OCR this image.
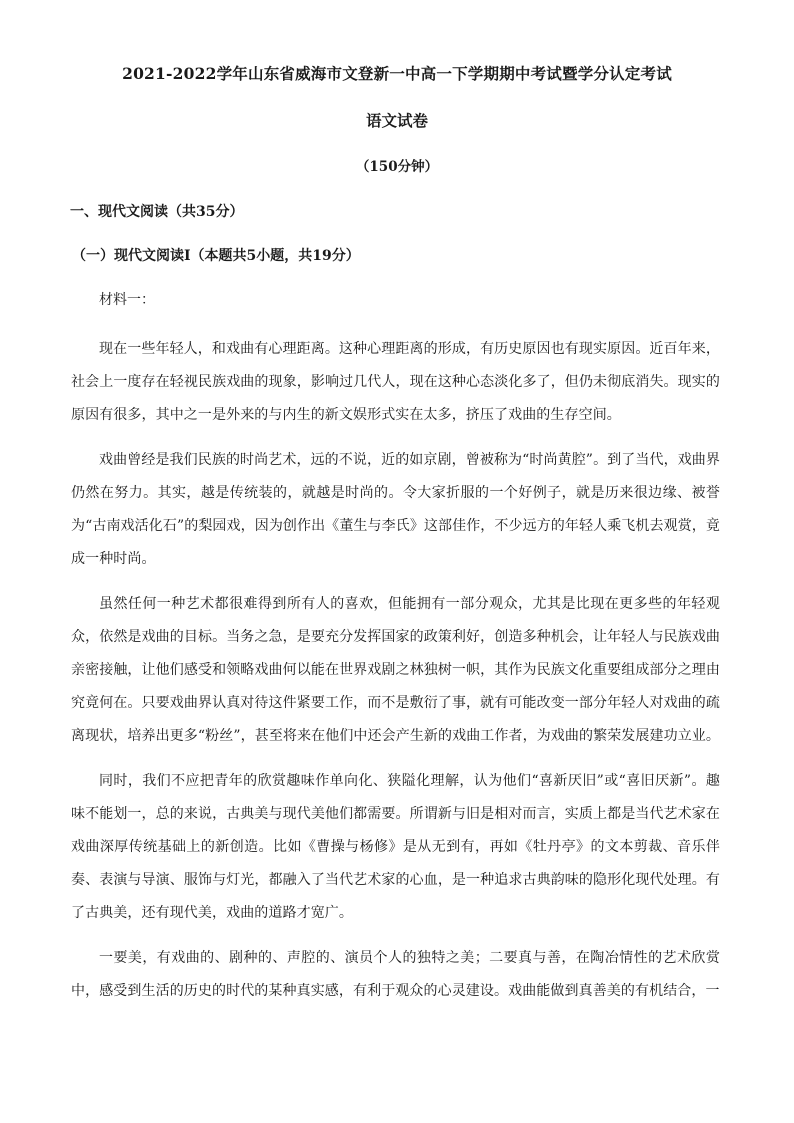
2021-2022学年山东省威海市文登新一中高一下学期期中考试暨学分认定考试
语文试卷
（150分钟）
一、现代文阅读（共35分）
（一）现代文阅读Ⅰ（本题共5小题，共19分）
材料一：

现在一些年轻人，和戏曲有心理距离。这种心理距离的形成，有历史原因也有现实原因。近百年来，社会上一度存在轻视民族戏曲的现象，影响过几代人，现在这种心态淡化多了，但仍未彻底消失。现实的原因有很多，其中之一是外来的与内生的新文娱形式实在太多，挤压了戏曲的生存空间。

戏曲曾经是我们民族的时尚艺术，远的不说，近的如京剧，曾被称为“时尚黄腔”。到了当代，戏曲界仍然在努力。其实，越是传统装的，就越是时尚的。令大家折服的一个好例子，就是历来很边缘、被誉为“古南戏活化石”的梨园戏，因为创作出《董生与李氏》这部佳作，不少远方的年轻人乘飞机去观赏，竟成一种时尚。

虽然任何一种艺术都很难得到所有人的喜欢，但能拥有一部分观众，尤其是比现在更多些的年轻观众，依然是戏曲的目标。当务之急，是要充分发挥国家的政策利好，创造多种机会，让年轻人与民族戏曲亲密接触，让他们感受和领略戏曲何以能在世界戏剧之林独树一帜，其作为民族文化重要组成部分之理由究竟何在。只要戏曲界认真对待这件紧要工作，而不是敷衍了事，就有可能改变一部分年轻人对戏曲的疏离现状，培养出更多“粉丝”，甚至将来在他们中还会产生新的戏曲工作者，为戏曲的繁荣发展建功立业。

同时，我们不应把青年的欣赏趣味作单向化、狭隘化理解，认为他们“喜新厌旧”或“喜旧厌新”。趣味不能划一，总的来说，古典美与现代美他们都需要。所谓新与旧是相对而言，实质上都是当代艺术家在戏曲深厚传统基础上的新创造。比如《曹操与杨修》是从无到有，再如《牡丹亭》的文本剪裁、音乐伴奏、表演与导演、服饰与灯光，都融入了当代艺术家的心血，是一种追求古典韵味的隐形化现代处理。有了古典美，还有现代美，戏曲的道路才宽广。

一要美，有戏曲的、剧种的、声腔的、演员个人的独特之美；二要真与善，在陶冶情性的艺术欣赏中，感受到生活的历史的时代的某种真实感，有利于观众的心灵建设。戏曲能做到真善美的有机结合，一
